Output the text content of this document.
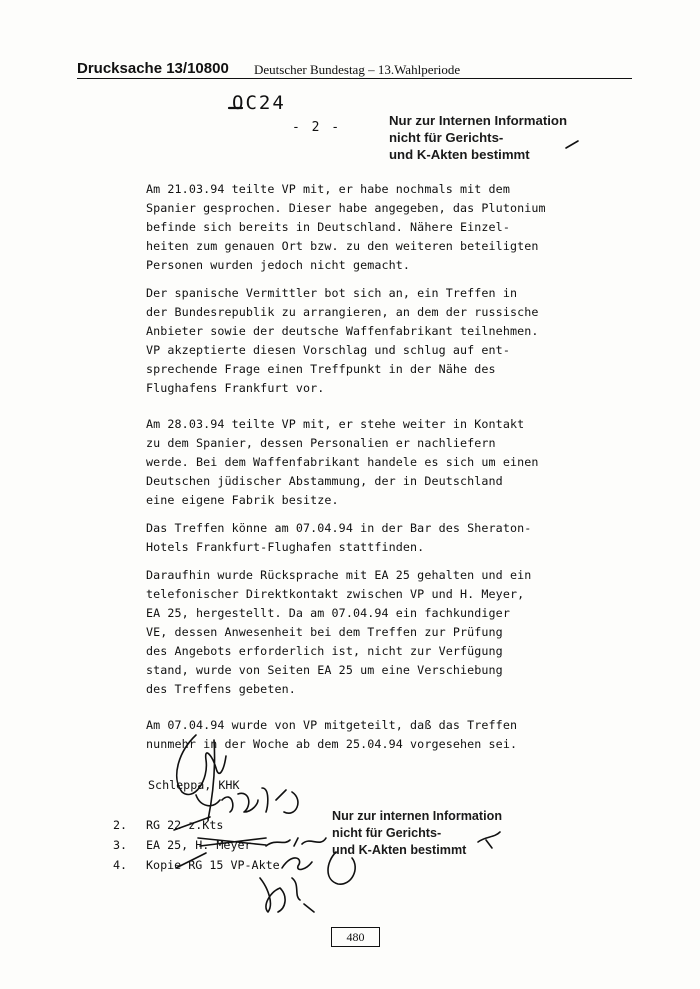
Drucksache 13/10800 Deutscher Bundestag – 13.Wahlperiode
OC24
- 2 -	Nur zur Internen Information
nicht für Gerichts-
und K-Akten bestimmt
Am 21.03.94 teilte VP mit, er habe nochmals mit dem
Spanier gesprochen. Dieser habe angegeben, das Plutonium
befinde sich bereits in Deutschland. Nähere Einzel-
heiten zum genauen Ort bzw. zu den weiteren beteiligten
Personen wurden jedoch nicht gemacht.
Der spanische Vermittler bot sich an, ein Treffen in
der Bundesrepublik zu arrangieren, an dem der russische
Anbieter sowie der deutsche Waffenfabrikant teilnehmen.
VP akzeptierte diesen Vorschlag und schlug auf ent-
sprechende Frage einen Treffpunkt in der Nähe des
Flughafens Frankfurt vor.
Am 28.03.94 teilte VP mit, er stehe weiter in Kontakt
zu dem Spanier, dessen Personalien er nachliefern
werde. Bei dem Waffenfabrikant handele es sich um einen
Deutschen jüdischer Abstammung, der in Deutschland
eine eigene Fabrik besitze.
Das Treffen könne am 07.04.94 in der Bar des Sheraton-
Hotels Frankfurt-Flughafen stattfinden.
Daraufhin wurde Rücksprache mit EA 25 gehalten und ein
telefonischer Direktkontakt zwischen VP und H. Meyer,
EA 25, hergestellt. Da am 07.04.94 ein fachkundiger
VE, dessen Anwesenheit bei dem Treffen zur Prüfung
des Angebots erforderlich ist, nicht zur Verfügung
stand, wurde von Seiten EA 25 um eine Verschiebung
des Treffens gebeten.
Am 07.04.94 wurde von VP mitgeteilt, daß das Treffen
nunmehr in der Woche ab dem 25.04.94 vorgesehen sei.
Schleppa, KHK
2. RG 22 z.Kts
3. EA 25, H. Meyer
4. Kopie RG 15 VP-Akte
Nur zur internen Information
nicht für Gerichts-
und K-Akten bestimmt
480
